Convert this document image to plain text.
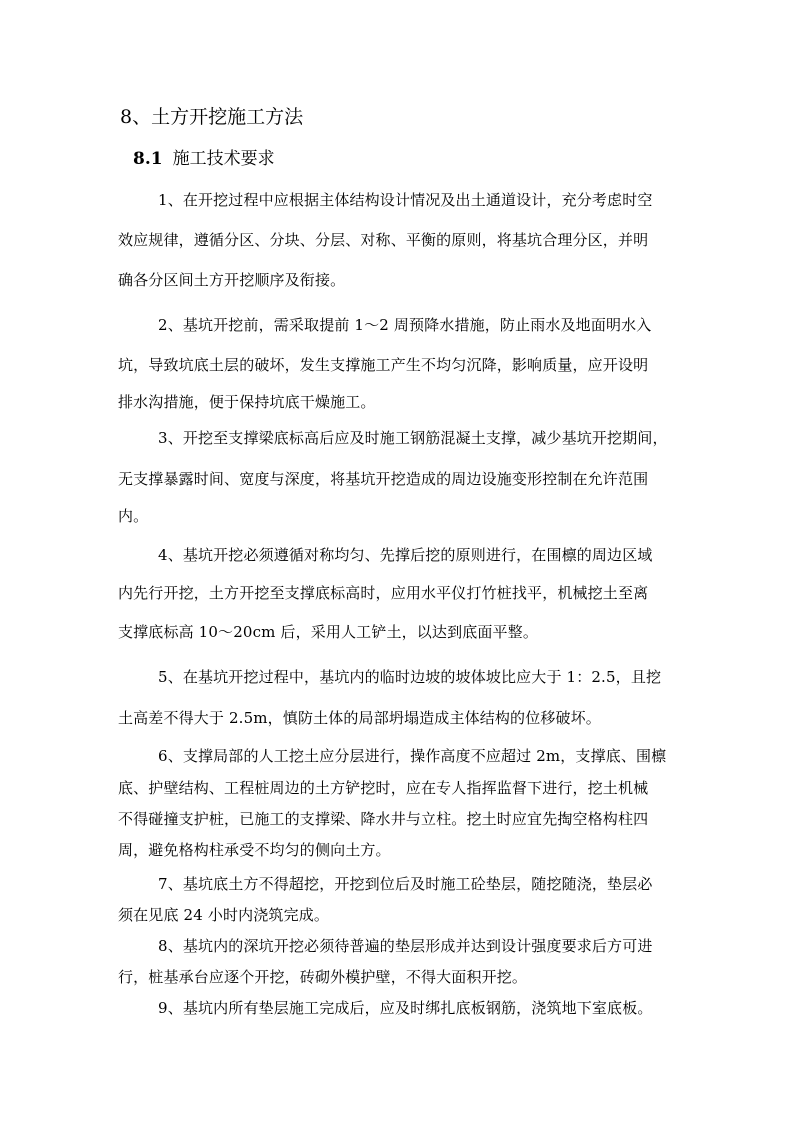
8、土方开挖施工方法
8.1 施工技术要求
1、在开挖过程中应根据主体结构设计情况及出土通道设计，充分考虑时空
效应规律，遵循分区、分块、分层、对称、平衡的原则，将基坑合理分区，并明
确各分区间土方开挖顺序及衔接。
2、基坑开挖前，需采取提前 1～2 周预降水措施，防止雨水及地面明水入
坑，导致坑底土层的破坏，发生支撑施工产生不均匀沉降，影响质量，应开设明
排水沟措施，便于保持坑底干燥施工。
3、开挖至支撑梁底标高后应及时施工钢筋混凝土支撑，减少基坑开挖期间，
无支撑暴露时间、宽度与深度，将基坑开挖造成的周边设施变形控制在允许范围
内。
4、基坑开挖必须遵循对称均匀、先撑后挖的原则进行，在围檩的周边区域
内先行开挖，土方开挖至支撑底标高时，应用水平仪打竹桩找平，机械挖土至离
支撑底标高 10～20cm 后，采用人工铲土，以达到底面平整。
5、在基坑开挖过程中，基坑内的临时边坡的坡体坡比应大于 1：2.5，且挖
土高差不得大于 2.5m，慎防土体的局部坍塌造成主体结构的位移破坏。
6、支撑局部的人工挖土应分层进行，操作高度不应超过 2m，支撑底、围檩
底、护壁结构、工程桩周边的土方铲挖时，应在专人指挥监督下进行，挖土机械
不得碰撞支护桩，已施工的支撑梁、降水井与立柱。挖土时应宜先掏空格构柱四
周，避免格构柱承受不均匀的侧向土方。
7、基坑底土方不得超挖，开挖到位后及时施工砼垫层，随挖随浇，垫层必
须在见底 24 小时内浇筑完成。
8、基坑内的深坑开挖必须待普遍的垫层形成并达到设计强度要求后方可进
行，桩基承台应逐个开挖，砖砌外模护壁，不得大面积开挖。
9、基坑内所有垫层施工完成后，应及时绑扎底板钢筋，浇筑地下室底板。
